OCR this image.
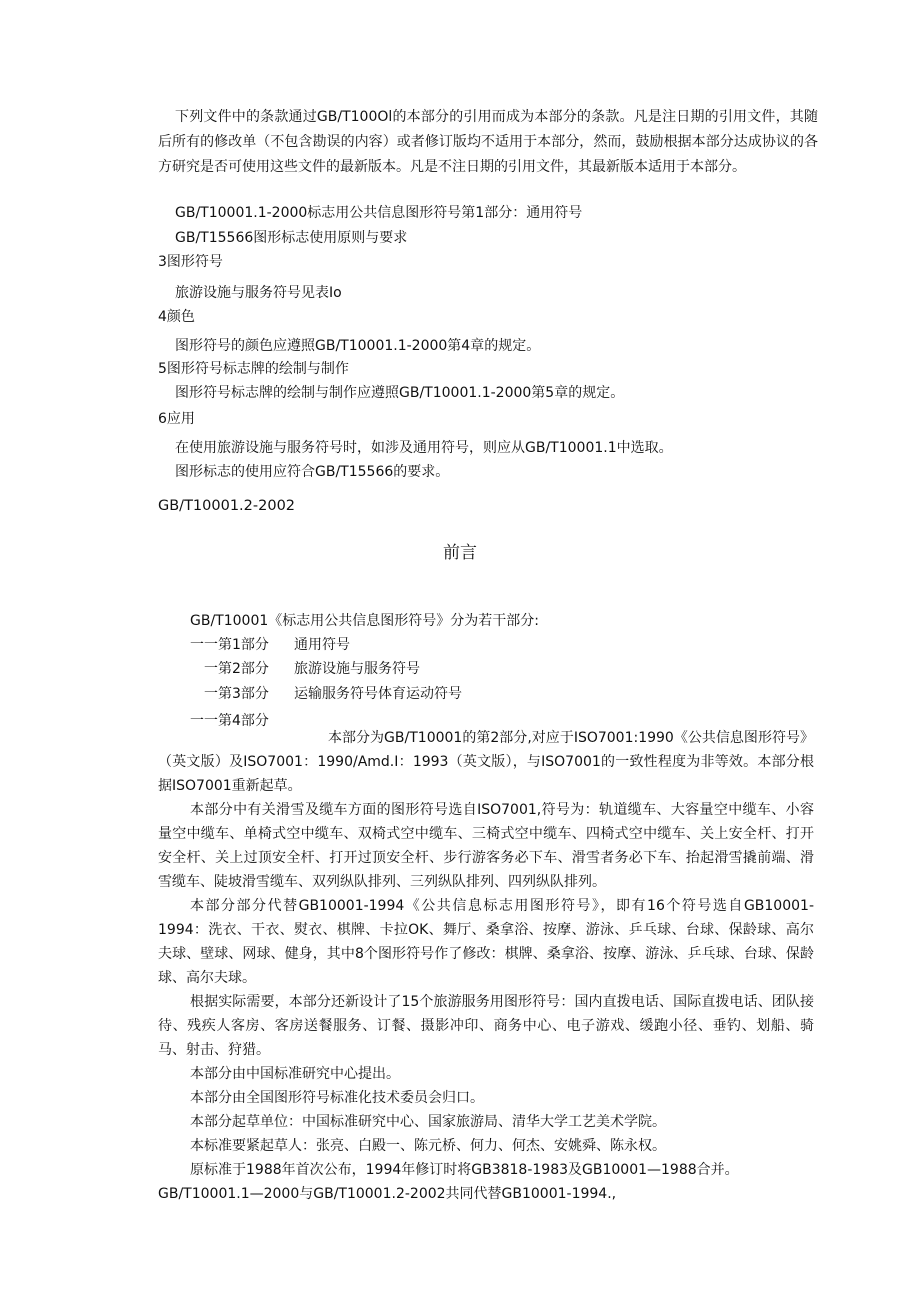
下列文件中的条款通过GB/T100Ol的本部分的引用而成为本部分的条款。凡是注日期的引用文件，其随后所有的修改单（不包含勘误的内容）或者修订版均不适用于本部分，然而，鼓励根据本部分达成协议的各方研究是否可使用这些文件的最新版本。凡是不注日期的引用文件，其最新版本适用于本部分。

GB/T10001.1-2000标志用公共信息图形符号第1部分：通用符号

GB/T15566图形标志使用原则与要求

3图形符号

旅游设施与服务符号见表Io

4颜色

图形符号的颜色应遵照GB/T10001.1-2000第4章的规定。

5图形符号标志牌的绘制与制作

图形符号标志牌的绘制与制作应遵照GB/T10001.1-2000第5章的规定。

6应用

在使用旅游设施与服务符号时，如涉及通用符号，则应从GB/T10001.1中选取。

图形标志的使用应符合GB/T15566的要求。

GB/T10001.2-2002

前言

GB/T10001《标志用公共信息图形符号》分为若干部分:

一一第1部分 通用符号
一第2部分 旅游设施与服务符号
一第3部分 运输服务符号体育运动符号
一一第4部分

本部分为GB/T10001的第2部分,对应于ISO7001:1990《公共信息图形符号》（英文版）及ISO7001：1990/Amd.I：1993（英文版），与ISO7001的一致性程度为非等效。本部分根据ISO7001重新起草。

本部分中有关滑雪及缆车方面的图形符号选自ISO7001,符号为：轨道缆车、大容量空中缆车、小容量空中缆车、单椅式空中缆车、双椅式空中缆车、三椅式空中缆车、四椅式空中缆车、关上安全杆、打开安全杆、关上过顶安全杆、打开过顶安全杆、步行游客务必下车、滑雪者务必下车、抬起滑雪撬前端、滑雪缆车、陡坡滑雪缆车、双列纵队排列、三列纵队排列、四列纵队排列。

本部分部分代替GB10001-1994《公共信息标志用图形符号》，即有16个符号选自GB10001-1994：洗衣、干衣、熨衣、棋牌、卡拉OK、舞厅、桑拿浴、按摩、游泳、乒乓球、台球、保龄球、高尔夫球、壁球、网球、健身，其中8个图形符号作了修改：棋牌、桑拿浴、按摩、游泳、乒乓球、台球、保龄球、高尔夫球。

根据实际需要，本部分还新设计了15个旅游服务用图形符号：国内直拨电话、国际直拨电话、团队接待、残疾人客房、客房送餐服务、订餐、摄影冲印、商务中心、电子游戏、缓跑小径、垂钓、划船、骑马、射击、狩猎。

本部分由中国标准研究中心提出。

本部分由全国图形符号标准化技术委员会归口。

本部分起草单位：中国标准研究中心、国家旅游局、清华大学工艺美术学院。

本标准要紧起草人：张亮、白殿一、陈元桥、何力、何杰、安姚舜、陈永权。

原标准于1988年首次公布，1994年修订时将GB3818-1983及GB10001—1988合并。

GB/T10001.1—2000与GB/T10001.2-2002共同代替GB10001-1994.,
